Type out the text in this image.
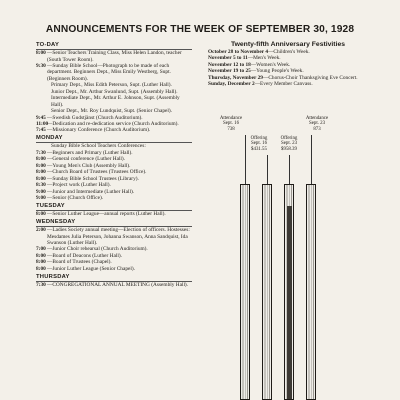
ANNOUNCEMENTS FOR THE WEEK OF SEPTEMBER 30, 1928
TO-DAY
8:00 —Senior Teachers Training Class, Miss Helen Landon, teacher (South Tower Room).
9:30 —Sunday Bible School—Photograph to be made of each department. Beginners Dept., Miss Emily Westberg, Supt. (Beginners Room).
Primary Dept., Miss Edith Peterson, Supt. (Luther Hall).
Junior Dept., Mr. Arthur Swanlund, Supt. (Assembly Hall).
Intermediate Dept., Mr. Arthur E. Johnson, Supt. (Assembly Hall).
Senior Dept., Mr. Roy Lundquist, Supt. (Senior Chapel).
9:45 —Swedish Gudstjänst (Church Auditorium).
11:00
—Dedication and re-dedication service (Church Auditorium).
7:45 —Missionary Conference (Church Auditorium).
MONDAY
Sunday Bible School Teachers Conferences:
7:30 —Beginners and Primary (Luther Hall).
8:00 —General conference (Luther Hall).
8:00 —Young Men's Club (Assembly Hall).
8:00 —Church Board of Trustees (Trustees Office).
8:00 —Sunday Bible School Trustees (Library).
8:30 —Project work (Luther Hall).
9:00 —Junior and Intermediate (Luther Hall).
9:00 —Senior (Church Office).
TUESDAY
8:00 —Senior Luther League—annual reports (Luther Hall).
WEDNESDAY
2:00 —Ladies Society annual meeting—Election of officers. Hostesses: Mesdames Julia Peterson, Johanna Swanson, Anna Sandquist, Ida Swanson (Luther Hall).
7:00 —Junior Choir rehearsal (Church Auditorium).
8:00 —Board of Deacons (Luther Hall).
8:00 —Board of Trustees (Chapel).
8:00 —Junior Luther League (Senior Chapel).
THURSDAY
7:30 —CONGREGATIONAL ANNUAL MEETING (Assembly Hall).
Twenty-fifth Anniversary Festivities
October 28 to November 4—Children's Week.
November 5 to 11—Men's Week.
November 12 to 18—Women's Week.
November 19 to 25—Young People's Week.
Thursday, November 29—Chorus-Choir Thanksgiving Eve Concert.
Sunday, December 2—Every Member Canvass.
Attendance
Sept. 16
738
Offering
Sept. 16
$431.55
Offering
Sept. 23
$958.39
Attendance
Sept. 23
873
